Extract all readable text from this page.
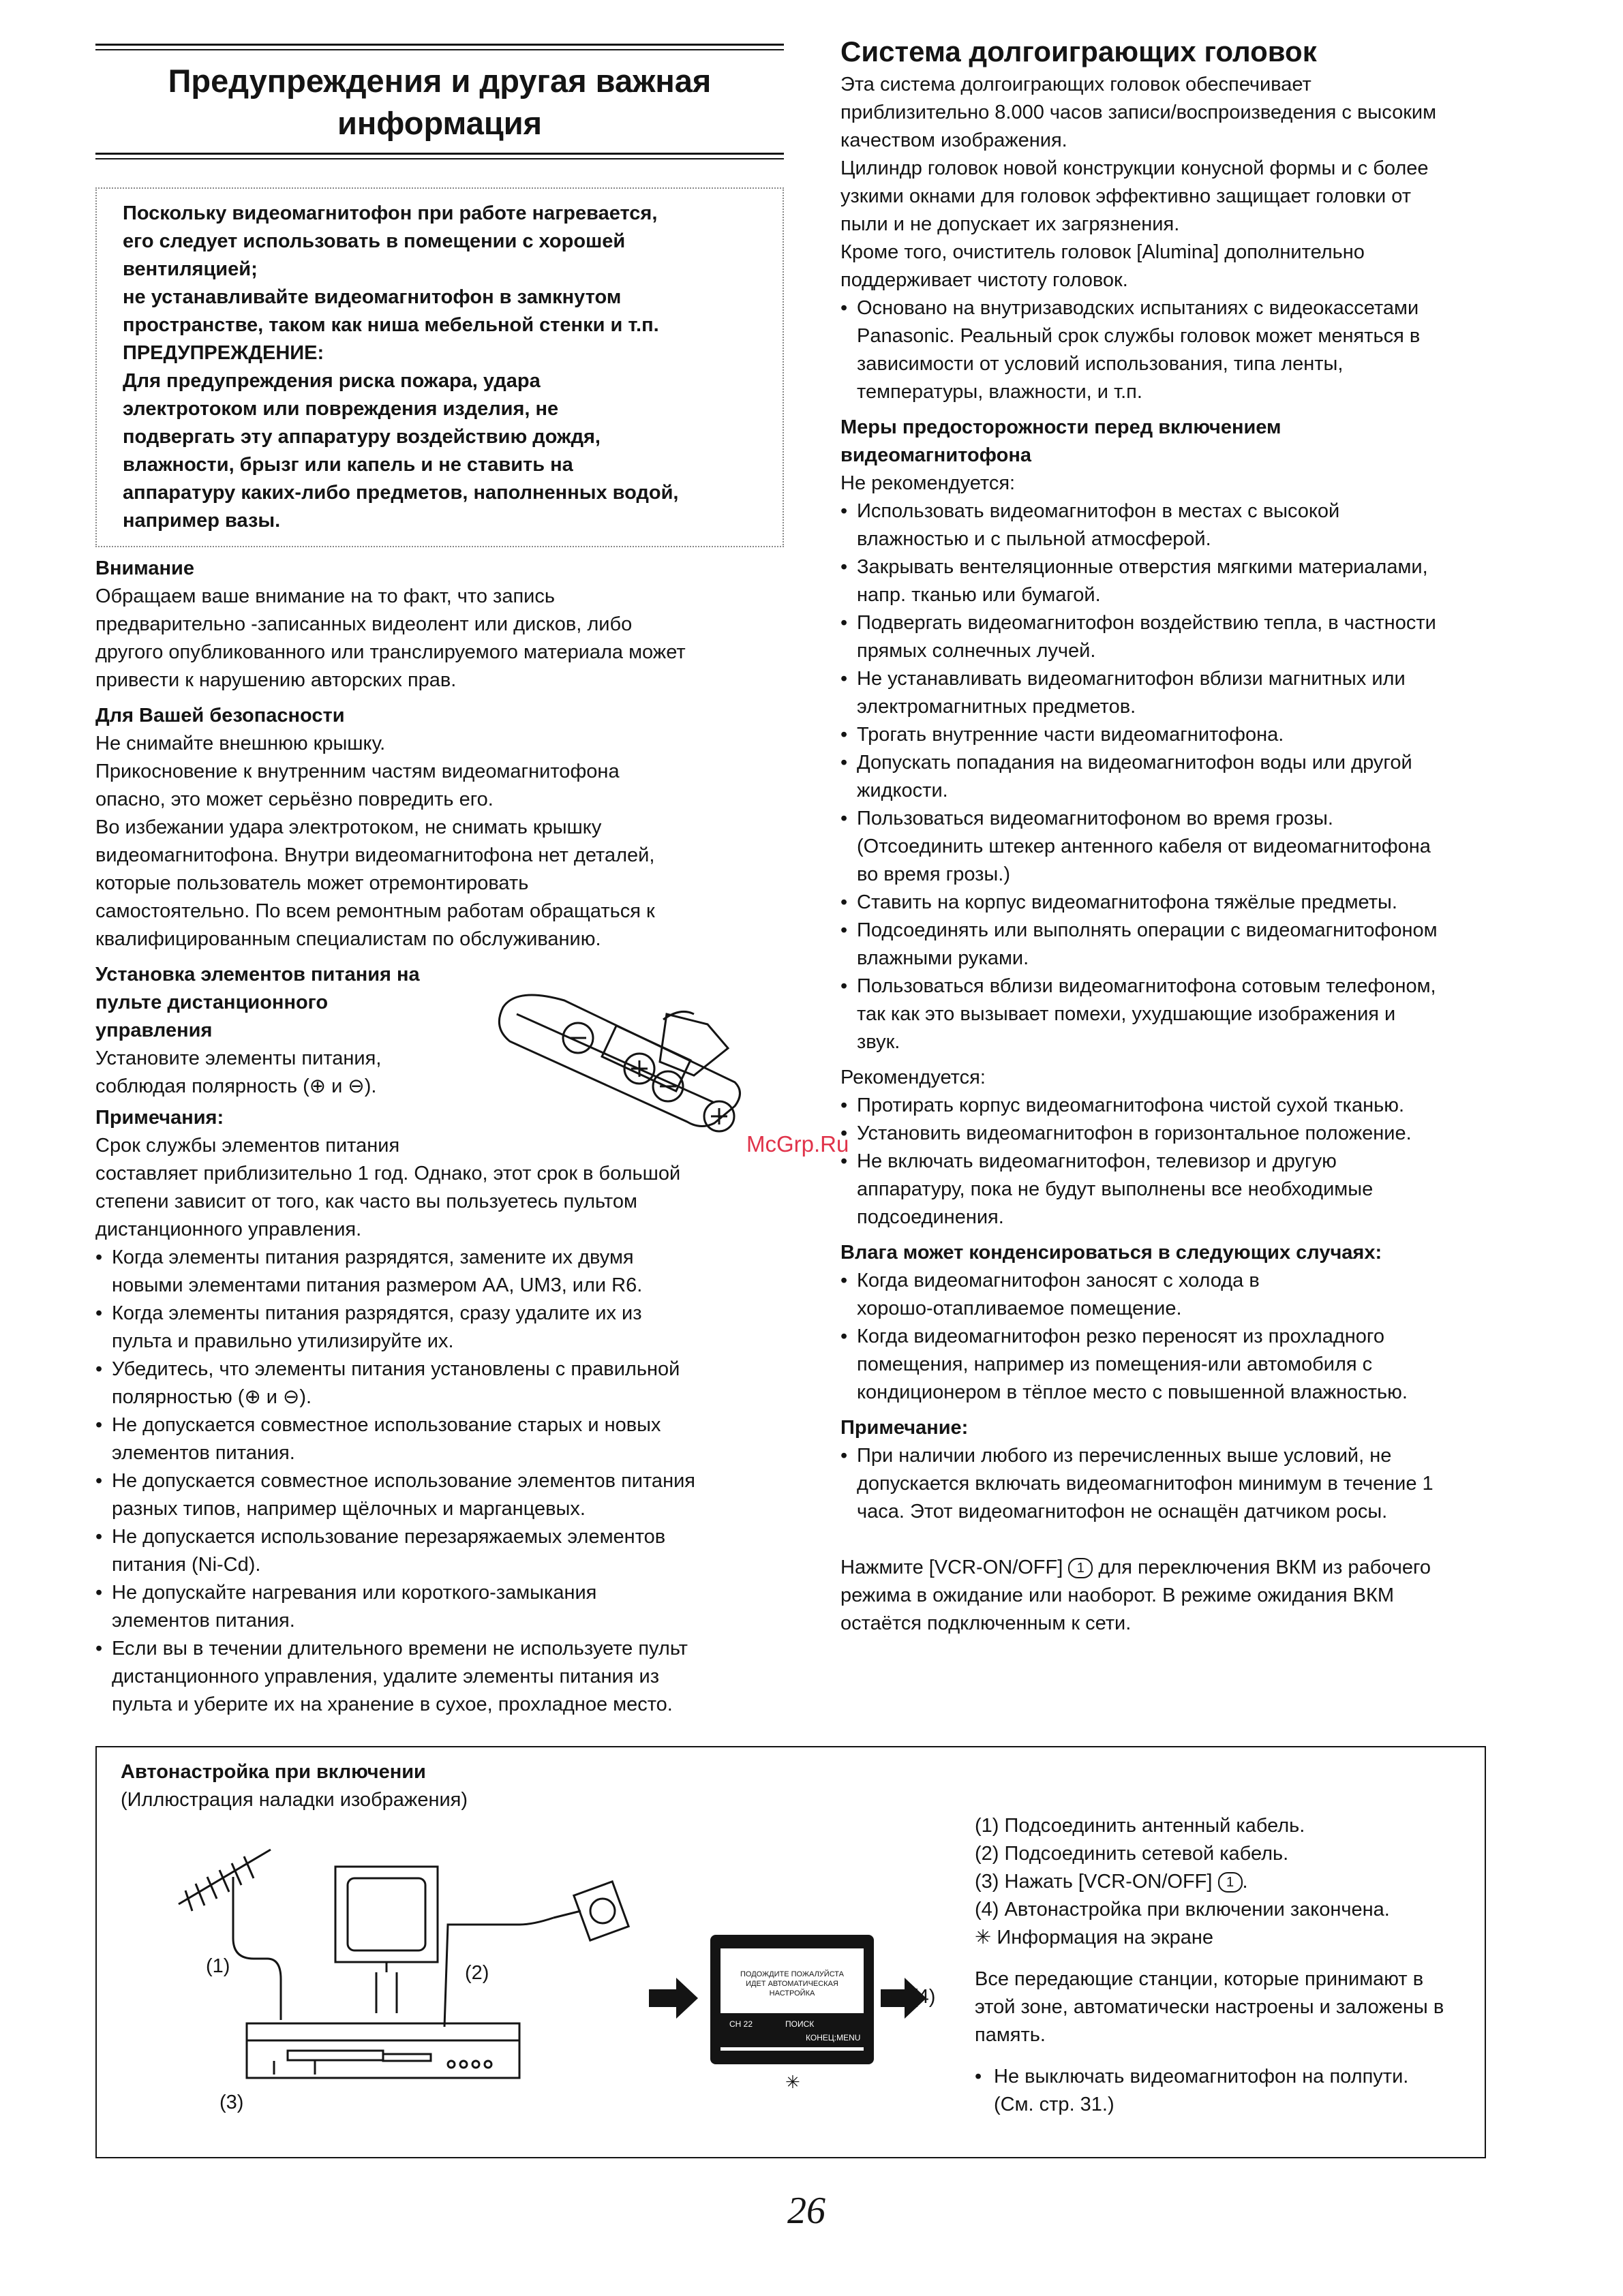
Предупреждения и другая важная информация

Поскольку видеомагнитофон при работе нагревается,

его следует использовать в помещении с хорошей

вентиляцией;

не устанавливайте видеомагнитофон в замкнутом

пространстве, таком как ниша мебельной стенки и т.п.

ПРЕДУПРЕЖДЕНИЕ:

Для предупреждения риска пожара, удара

электротоком или повреждения изделия, не

подвергать эту аппаратуру воздействию дождя,

влажности, брызг или капель и не ставить на

аппаратуру каких-либо предметов, наполненных водой,

например вазы.

Внимание

Обращаем ваше внимание на то факт, что запись

предварительно -записанных видеолент или дисков, либо

другого опубликованного или транслируемого материала может

привести к нарушению авторских прав.

Для Вашей безопасности

Не снимайте внешнюю крышку.

Прикосновение к внутренним частям видеомагнитофона

опасно, это может серьёзно повредить его.

Во избежании удара электротоком, не снимать крышку

видеомагнитофона. Внутри видеомагнитофона нет деталей,

которые пользователь может отремонтировать

самостоятельно. По всем ремонтным работам обращаться к

квалифицированным специалистам по обслуживанию.

Установка элементов питания на

пульте дистанционного

управления

Установите элементы питания,

соблюдая полярность (⊕ и ⊖).

Примечания:

Срок службы элементов питания

составляет приблизительно 1 год. Однако, этот срок в большой

степени зависит от того, как часто вы пользуетесь пультом

дистанционного управления.

• Когда элементы питания разрядятся, замените их двумя
новыми элементами питания размером AA, UM3, или R6.
• Когда элементы питания разрядятся, сразу удалите их из
пульта и правильно утилизируйте их.
• Убедитесь, что элементы питания установлены с правильной
полярностью (⊕ и ⊖).
• Не допускается совместное использование старых и новых
элементов питания.
• Не допускается совместное использование элементов питания
разных типов, например щёлочных и марганцевых.
• Не допускается использование перезаряжаемых элементов
питания (Ni-Cd).
• Не допускайте нагревания или короткого-замыкания
элементов питания.
• Если вы в течении длительного времени не используете пульт
дистанционного управления, удалите элементы питания из
пульта и уберите их на хранение в сухое, прохладное место.
McGrp.Ru

Система долгоиграющих головок

Эта система долгоиграющих головок обеспечивает

приблизительно 8.000 часов записи/воспроизведения с высоким

качеством изображения.

Цилиндр головок новой конструкции конусной формы и с более

узкими окнами для головок эффективно защищает головки от

пыли и не допускает их загрязнения.

Кроме того, очиститель головок [Alumina] дополнительно

поддерживает чистоту головок.

• Основано на внутризаводских испытаниях с видеокассетами
Panasonic. Реальный срок службы головок может меняться в
зависимости от условий использования, типа ленты,
температуры, влажности, и т.п.

Меры предосторожности перед включением

видеомагнитофона

Не рекомендуется:

• Использовать видеомагнитофон в местах с высокой
влажностью и с пыльной атмосферой.
• Закрывать вентеляционные отверстия мягкими материалами,
напр. тканью или бумагой.
• Подвергать видеомагнитофон воздействию тепла, в частности
прямых солнечных лучей.
• Не устанавливать видеомагнитофон вблизи магнитных или
электромагнитных предметов.
• Трогать внутренние части видеомагнитофона.
• Допускать попадания на видеомагнитофон воды или другой
жидкости.
• Пользоваться видеомагнитофоном во время грозы.
(Отсоединить штекер антенного кабеля от видеомагнитофона
во время грозы.)
• Ставить на корпус видеомагнитофона тяжёлые предметы.
• Подсоединять или выполнять операции с видеомагнитофоном
влажными руками.
• Пользоваться вблизи видеомагнитофона сотовым телефоном,
так как это вызывает помехи, ухудшающие изображения и
звук.

Рекомендуется:

• Протирать корпус видеомагнитофона чистой сухой тканью.
• Установить видеомагнитофон в горизонтальное положение.
• Не включать видеомагнитофон, телевизор и другую
аппаратуру, пока не будут выполнены все необходимые
подсоединения.

Влага может конденсироваться в следующих случаях:

• Когда видеомагнитофон заносят с холода в
хорошо-отапливаемое помещение.
• Когда видеомагнитофон резко переносят из прохладного
помещения, например из помещения-или автомобиля с
кондиционером в тёплое место с повышенной влажностью.

Примечание:

• При наличии любого из перечисленных выше условий, не
допускается включать видеомагнитофон минимум в течение 1
часа. Этот видеомагнитофон не оснащён датчиком росы.

Нажмите [VCR-ON/OFF] 1 для переключения ВКМ из рабочего

режима в ожидание или наоборот. В режиме ожидания ВКМ

остаётся подключенным к сети.

Автонастройка при включении

(Иллюстрация наладки изображения)

ПОДОЖДИТЕ ПОЖАЛУЙСТА
ИДЕТ АВТОМАТИЧЕСКАЯ
НАСТРОЙКА
CH 22	ПОИСК
КОНЕЦ:MENU
(1)	(2)
(3)
(4)
✳

(1) Подсоединить антенный кабель.

(2) Подсоединить сетевой кабель.

(3) Нажать [VCR-ON/OFF] 1 .

(4) Автонастройка при включении закончена.

✳ Информация на экране

Все передающие станции, которые принимают в

этой зоне, автоматически настроены и заложены в

память.

• Не выключать видеомагнитофон на полпути.
(См. стр. 31.)
26
